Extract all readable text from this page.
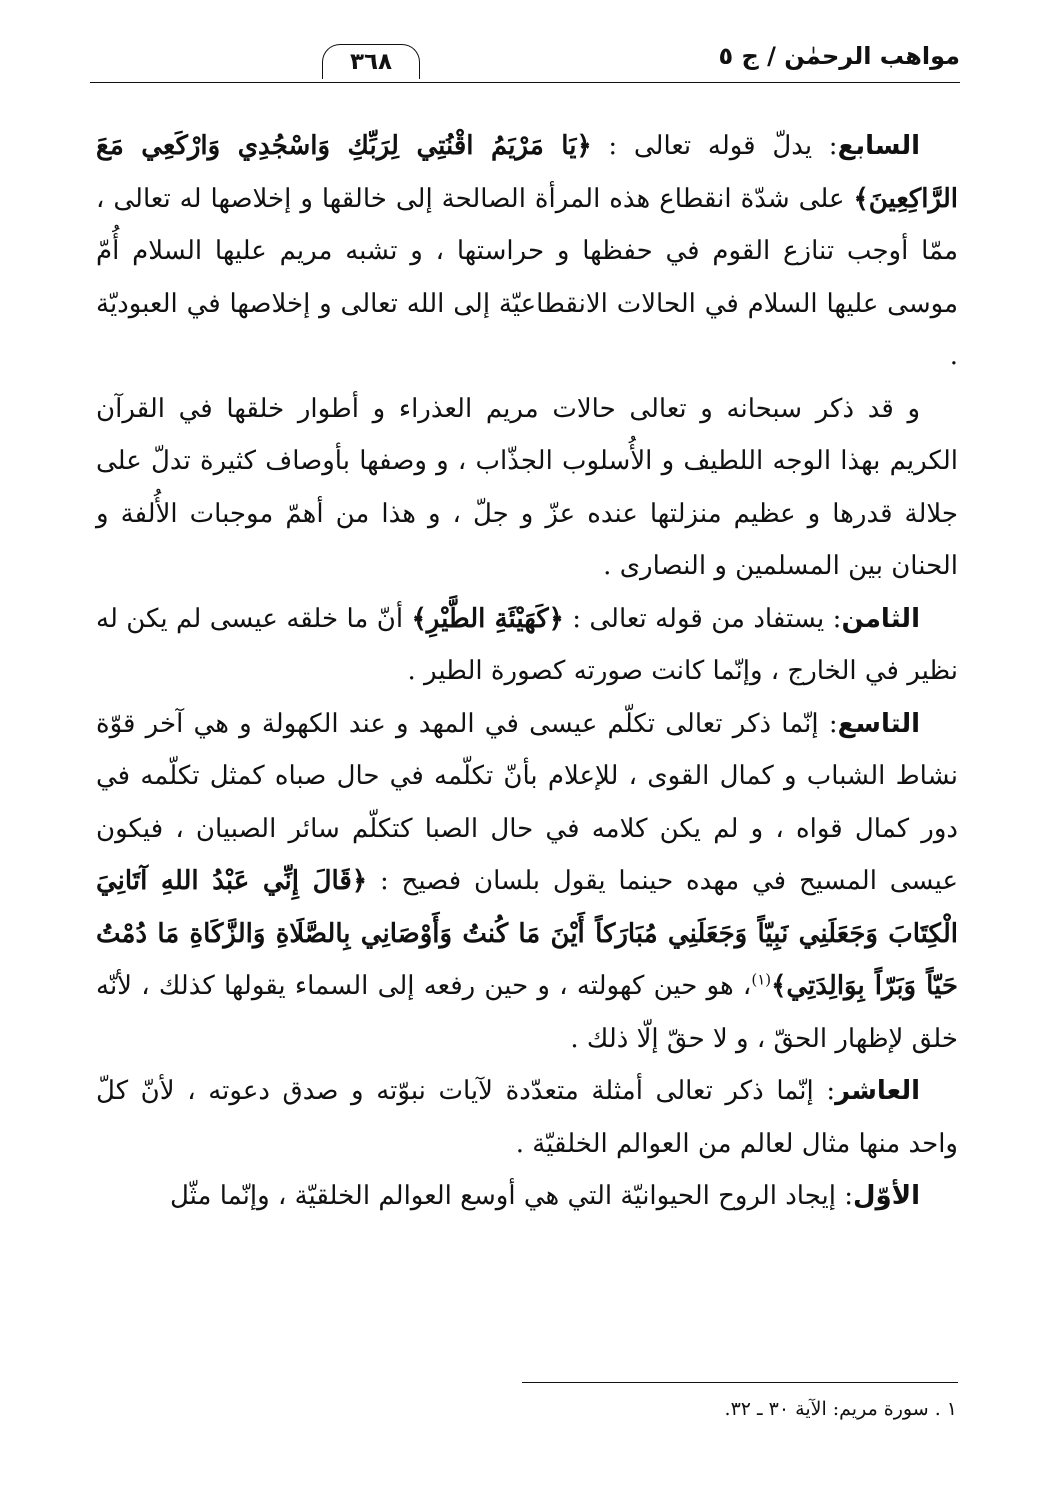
مواهب الرحمٰن / ج ٥
٣٦٨

السابع: يدلّ قوله تعالى : ﴿يَا مَرْيَمُ اقْنُتِي لِرَبِّكِ وَاسْجُدِي وَارْكَعِي مَعَ الرَّاكِعِينَ﴾ على شدّة انقطاع هذه المرأة الصالحة إلى خالقها و إخلاصها له تعالى ، ممّا أوجب تنازع القوم في حفظها و حراستها ، و تشبه مريم عليها السلام أُمّ موسى عليها السلام في الحالات الانقطاعيّة إلى الله تعالى و إخلاصها في العبوديّة .

و قد ذكر سبحانه و تعالى حالات مريم العذراء و أطوار خلقها في القرآن الكريم بهذا الوجه اللطيف و الأُسلوب الجذّاب ، و وصفها بأوصاف كثيرة تدلّ على جلالة قدرها و عظيم منزلتها عنده عزّ و جلّ ، و هذا من أهمّ موجبات الأُلفة و الحنان بين المسلمين و النصارى .

الثامن: يستفاد من قوله تعالى : ﴿كَهَيْئَةِ الطَّيْرِ﴾ أنّ ما خلقه عيسى لم يكن له نظير في الخارج ، وإنّما كانت صورته كصورة الطير .

التاسع: إنّما ذكر تعالى تكلّم عيسى في المهد و عند الكهولة و هي آخر قوّة نشاط الشباب و كمال القوى ، للإعلام بأنّ تكلّمه في حال صباه كمثل تكلّمه في دور كمال قواه ، و لم يكن كلامه في حال الصبا كتكلّم سائر الصبيان ، فيكون عيسى المسيح في مهده حينما يقول بلسان فصيح : ﴿قَالَ إِنِّي عَبْدُ اللهِ آتَانِيَ الْكِتَابَ وَجَعَلَنِي نَبِيّاً وَجَعَلَنِي مُبَارَكاً أَيْنَ مَا كُنتُ وَأَوْصَانِي بِالصَّلَاةِ وَالزَّكَاةِ مَا دُمْتُ حَيّاً وَبَرّاً بِوَالِدَتِي﴾$^{(١)}$، هو حين كهولته ، و حين رفعه إلى السماء يقولها كذلك ، لأنّه خلق لإظهار الحقّ ، و لا حقّ إلّا ذلك .

العاشر: إنّما ذكر تعالى أمثلة متعدّدة لآيات نبوّته و صدق دعوته ، لأنّ كلّ واحد منها مثال لعالم من العوالم الخلقيّة .

الأوّل: إيجاد الروح الحيوانيّة التي هي أوسع العوالم الخلقيّة ، وإنّما مثّل

١ . سورة مريم: الآية ٣٠ ـ ٣٢.
